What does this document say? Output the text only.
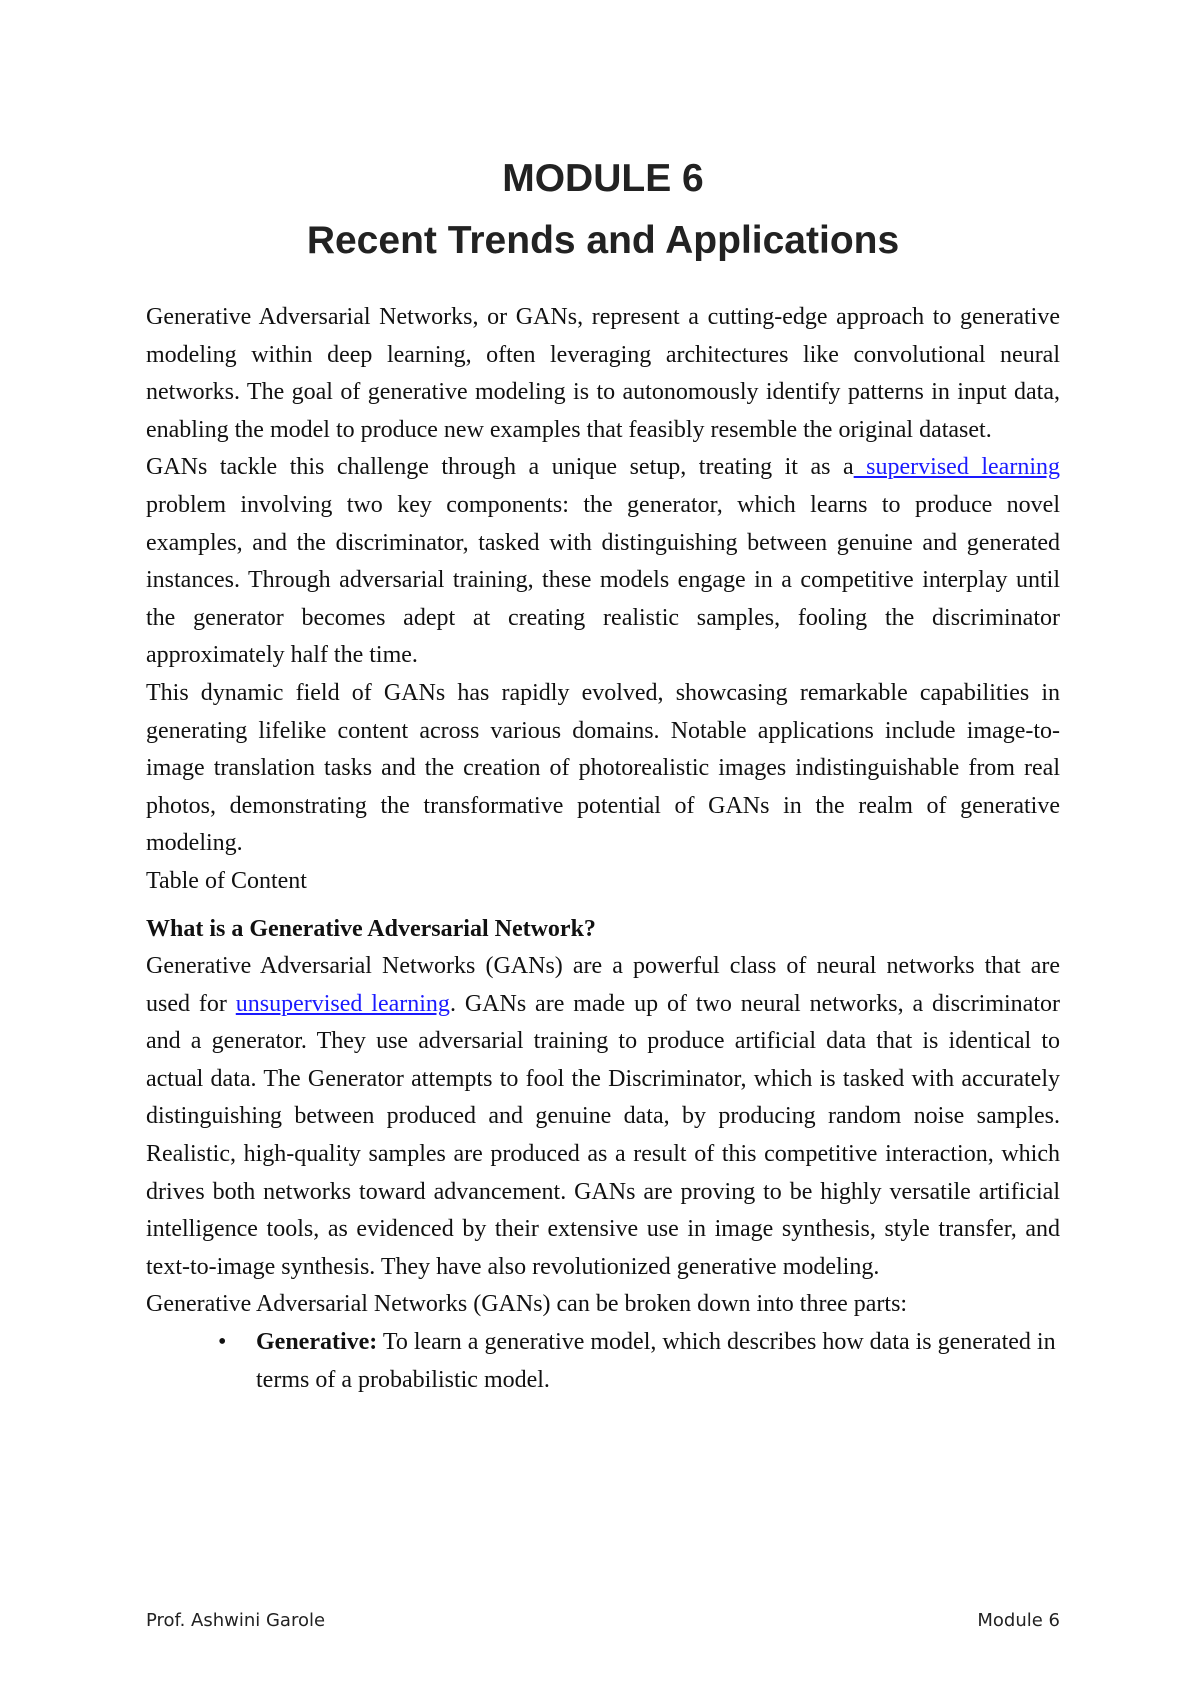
MODULE 6

Recent Trends and Applications

Generative Adversarial Networks, or GANs, represent a cutting-edge approach to generative modeling within deep learning, often leveraging architectures like convolutional neural networks. The goal of generative modeling is to autonomously identify patterns in input data, enabling the model to produce new examples that feasibly resemble the original dataset.

GANs tackle this challenge through a unique setup, treating it as a supervised learning problem involving two key components: the generator, which learns to produce novel examples, and the discriminator, tasked with distinguishing between genuine and generated instances. Through adversarial training, these models engage in a competitive interplay until the generator becomes adept at creating realistic samples, fooling the discriminator approximately half the time.

This dynamic field of GANs has rapidly evolved, showcasing remarkable capabilities in generating lifelike content across various domains. Notable applications include image-to-image translation tasks and the creation of photorealistic images indistinguishable from real photos, demonstrating the transformative potential of GANs in the realm of generative modeling.

Table of Content

What is a Generative Adversarial Network?

Generative Adversarial Networks (GANs) are a powerful class of neural networks that are used for unsupervised learning. GANs are made up of two neural networks, a discriminator and a generator. They use adversarial training to produce artificial data that is identical to actual data. The Generator attempts to fool the Discriminator, which is tasked with accurately distinguishing between produced and genuine data, by producing random noise samples. Realistic, high-quality samples are produced as a result of this competitive interaction, which drives both networks toward advancement. GANs are proving to be highly versatile artificial intelligence tools, as evidenced by their extensive use in image synthesis, style transfer, and text-to-image synthesis. They have also revolutionized generative modeling.

Generative Adversarial Networks (GANs) can be broken down into three parts:

• Generative: To learn a generative model, which describes how data is generated in terms of a probabilistic model.
Prof. Ashwini Garole	Module 6
